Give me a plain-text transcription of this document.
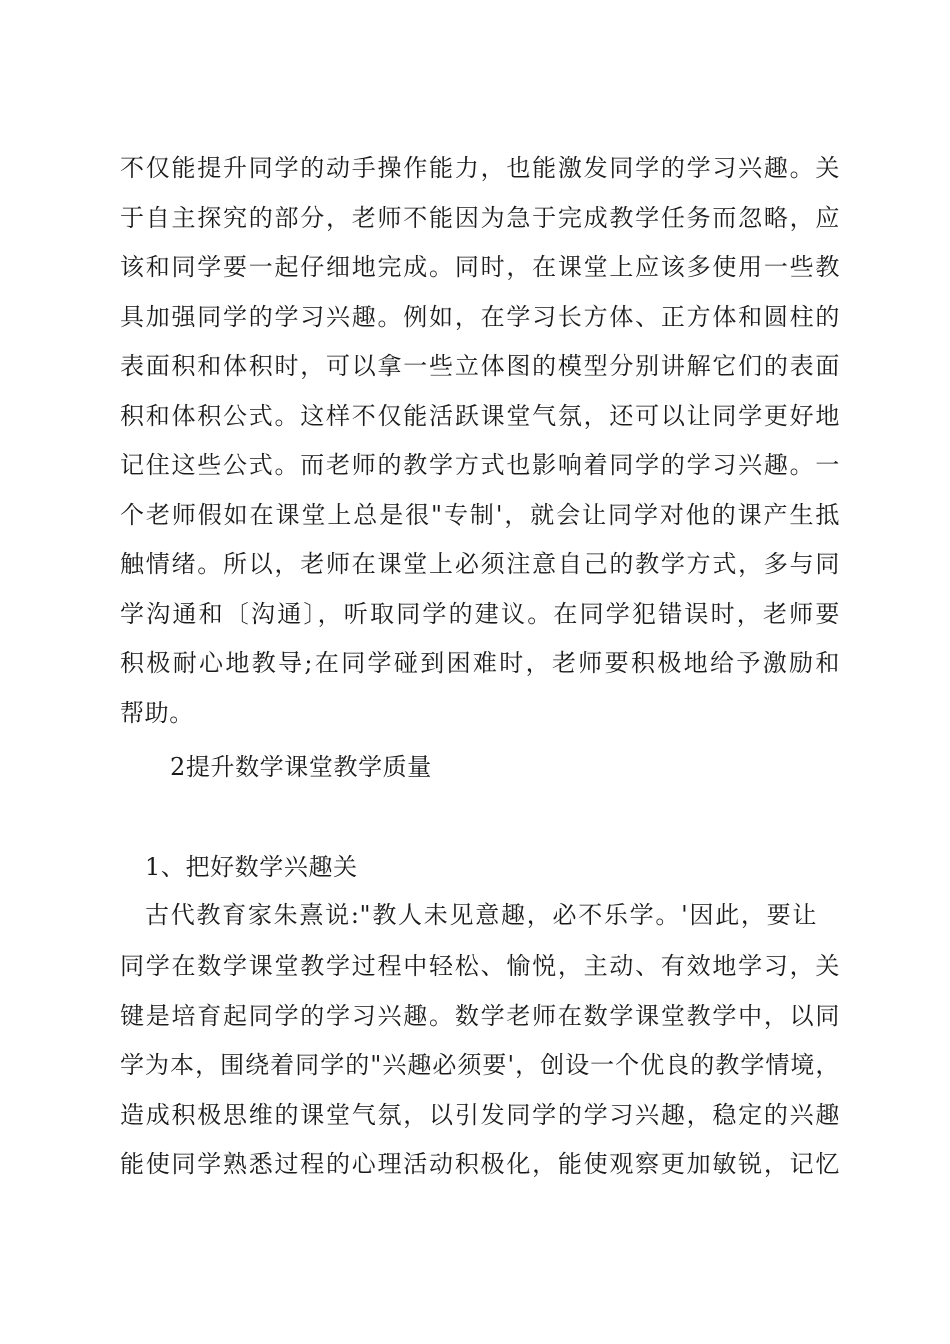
不仅能提升同学的动手操作能力，也能激发同学的学习兴趣。关
于自主探究的部分，老师不能因为急于完成教学任务而忽略，应
该和同学要一起仔细地完成。同时，在课堂上应该多使用一些教
具加强同学的学习兴趣。例如，在学习长方体、正方体和圆柱的
表面积和体积时，可以拿一些立体图的模型分别讲解它们的表面
积和体积公式。这样不仅能活跃课堂气氛，还可以让同学更好地
记住这些公式。而老师的教学方式也影响着同学的学习兴趣。一
个老师假如在课堂上总是很"专制'，就会让同学对他的课产生抵
触情绪。所以，老师在课堂上必须注意自己的教学方式，多与同
学沟通和〔沟通〕，听取同学的建议。在同学犯错误时，老师要
积极耐心地教导;在同学碰到困难时，老师要积极地给予激励和
帮助。
2提升数学课堂教学质量
1、把好数学兴趣关
古代教育家朱熹说:"教人未见意趣，必不乐学。'因此，要让
同学在数学课堂教学过程中轻松、愉悦，主动、有效地学习，关
键是培育起同学的学习兴趣。数学老师在数学课堂教学中，以同
学为本，围绕着同学的"兴趣必须要'，创设一个优良的教学情境，
造成积极思维的课堂气氛，以引发同学的学习兴趣，稳定的兴趣
能使同学熟悉过程的心理活动积极化，能使观察更加敏锐，记忆
